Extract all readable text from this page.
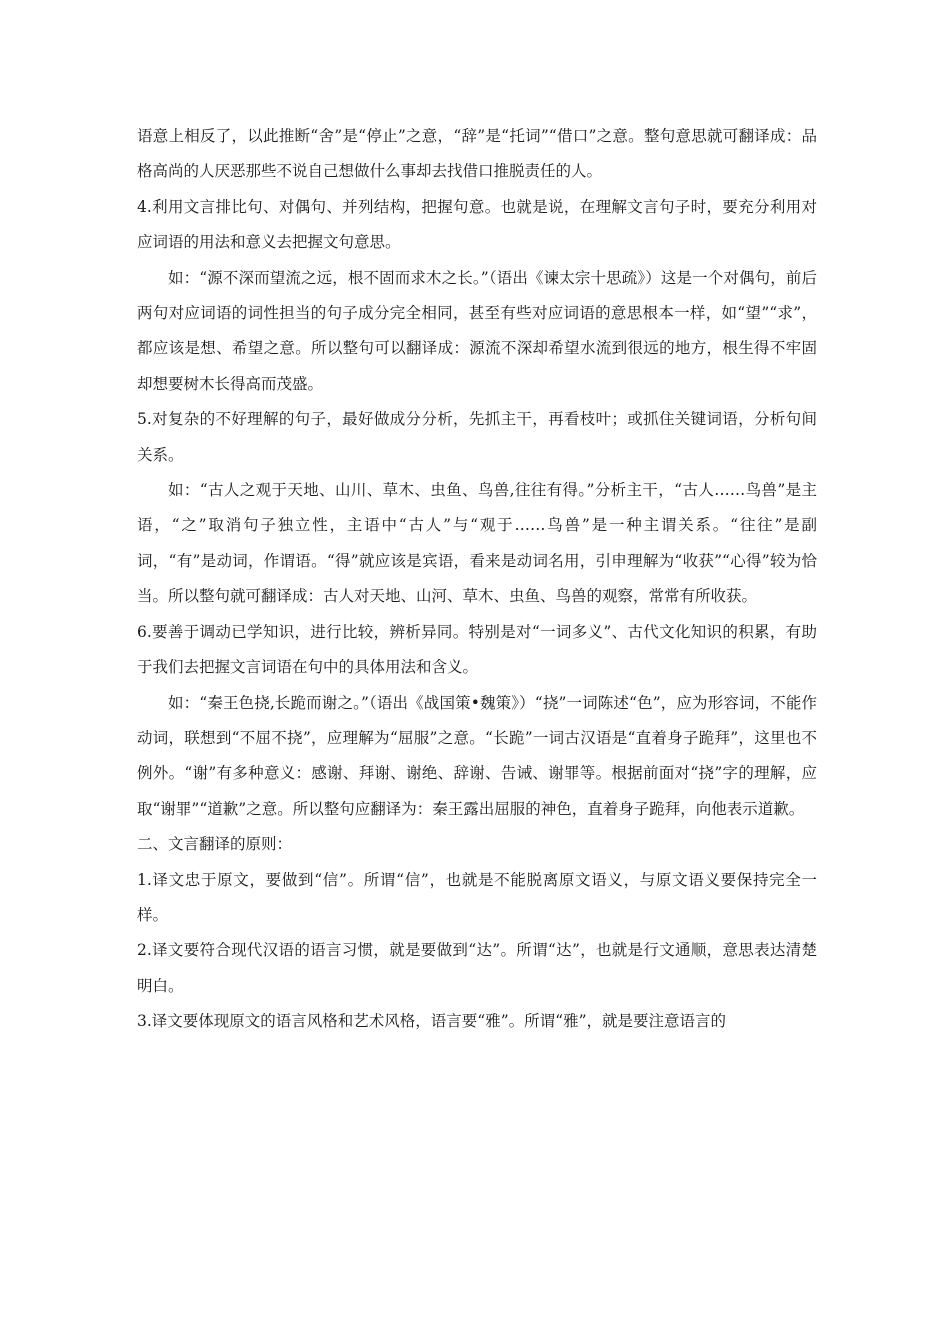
语意上相反了，以此推断“舍”是“停止”之意，“辞”是“托词”“借口”之意。整句意思就可翻译成：品格高尚的人厌恶那些不说自己想做什么事却去找借口推脱责任的人。

4.利用文言排比句、对偶句、并列结构，把握句意。也就是说，在理解文言句子时，要充分利用对应词语的用法和意义去把握文句意思。

如：“源不深而望流之远，根不固而求木之长。”（语出《谏太宗十思疏》）这是一个对偶句，前后两句对应词语的词性担当的句子成分完全相同，甚至有些对应词语的意思根本一样，如“望”“求”，都应该是想、希望之意。所以整句可以翻译成：源流不深却希望水流到很远的地方，根生得不牢固却想要树木长得高而茂盛。

5.对复杂的不好理解的句子，最好做成分分析，先抓主干，再看枝叶；或抓住关键词语，分析句间关系。

如：“古人之观于天地、山川、草木、虫鱼、鸟兽,往往有得。”分析主干，“古人……鸟兽”是主语，“之”取消句子独立性，主语中“古人”与“观于……鸟兽”是一种主谓关系。“往往”是副词，“有”是动词，作谓语。“得”就应该是宾语，看来是动词名用，引申理解为“收获”“心得”较为恰当。所以整句就可翻译成：古人对天地、山河、草木、虫鱼、鸟兽的观察，常常有所收获。

6.要善于调动已学知识，进行比较，辨析异同。特别是对“一词多义”、古代文化知识的积累，有助于我们去把握文言词语在句中的具体用法和含义。

如：“秦王色挠,长跪而谢之。”（语出《战国策•魏策》）“挠”一词陈述“色”，应为形容词，不能作动词，联想到“不屈不挠”，应理解为“屈服”之意。“长跪”一词古汉语是“直着身子跪拜”，这里也不例外。“谢”有多种意义：感谢、拜谢、谢绝、辞谢、告诫、谢罪等。根据前面对“挠”字的理解，应取“谢罪”“道歉”之意。所以整句应翻译为：秦王露出屈服的神色，直着身子跪拜，向他表示道歉。

二、文言翻译的原则：

1.译文忠于原文，要做到“信”。所谓“信”，也就是不能脱离原文语义，与原文语义要保持完全一样。

2.译文要符合现代汉语的语言习惯，就是要做到“达”。所谓“达”，也就是行文通顺，意思表达清楚明白。

3.译文要体现原文的语言风格和艺术风格，语言要“雅”。所谓“雅”，就是要注意语言的
